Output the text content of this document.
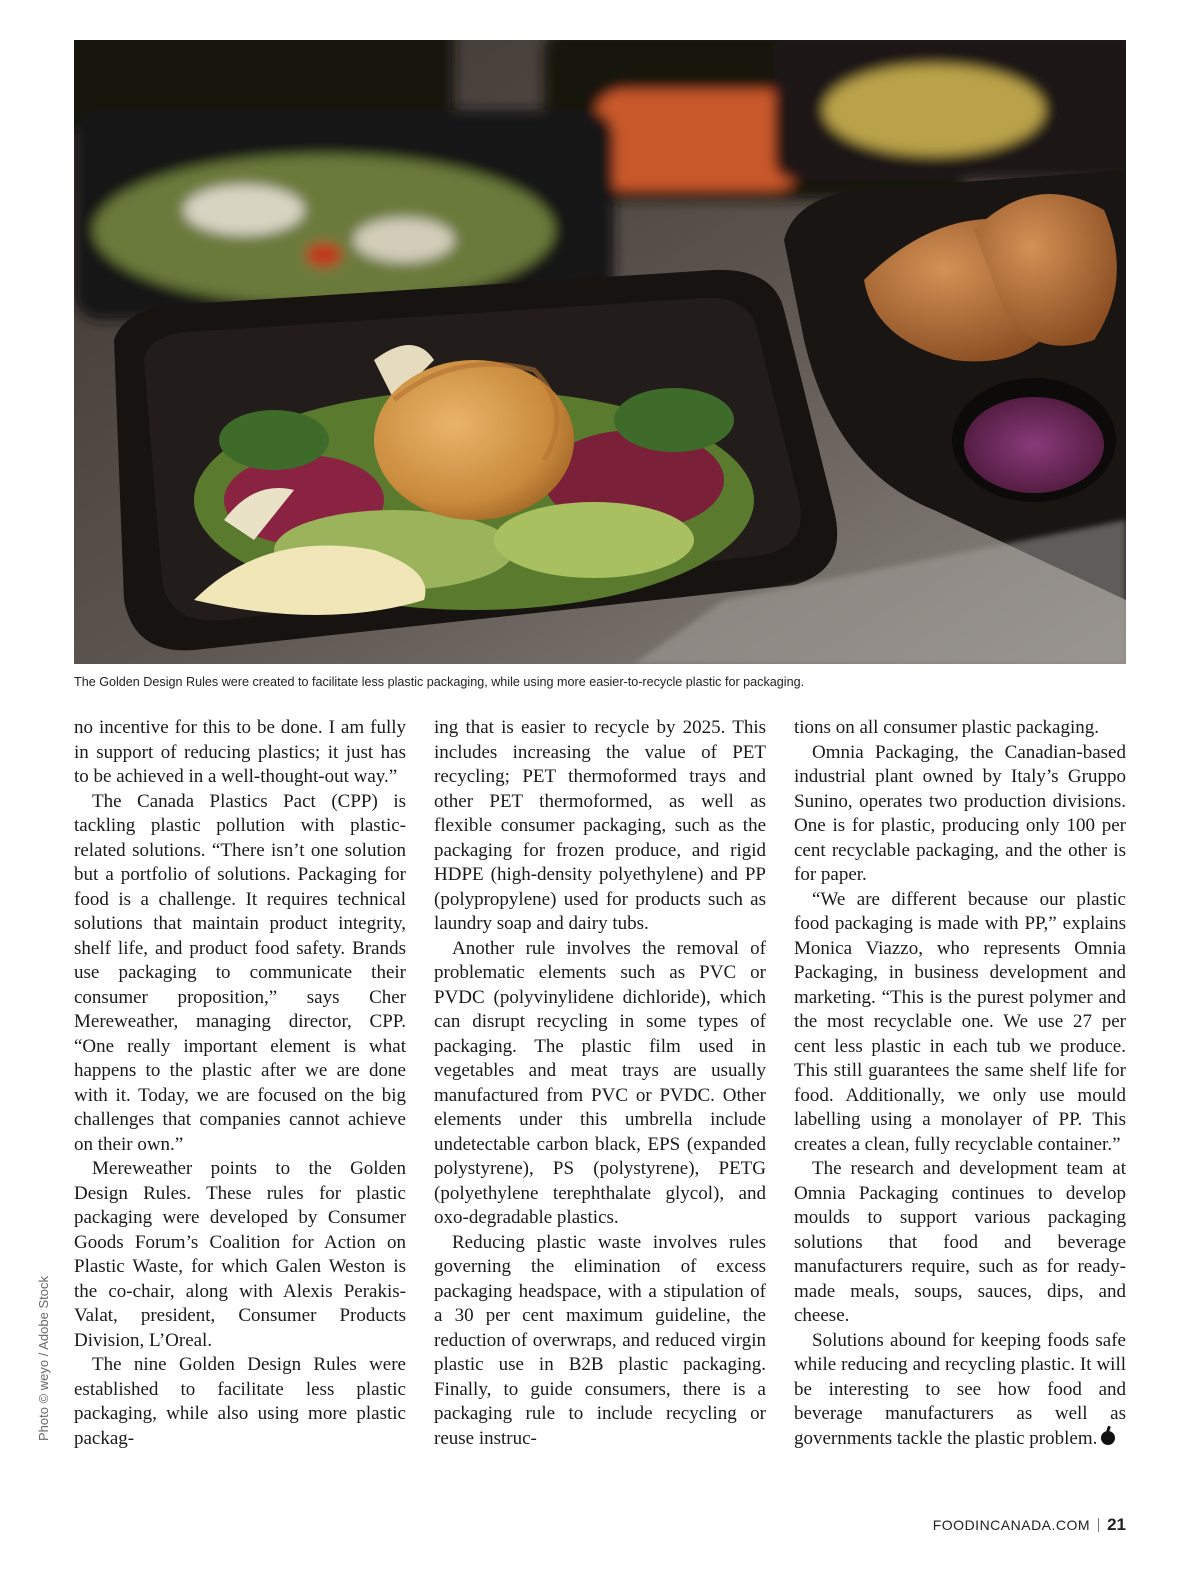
The Golden Design Rules were created to facilitate less plastic packaging, while using more easier-to-recycle plastic for packaging.
Photo © weyo / Adobe Stock

no incentive for this to be done. I am fully in support of reducing plastics; it just has to be achieved in a well-thought-out way.”

The Canada Plastics Pact (CPP) is tackling plastic pollution with plastic-related solutions. “There isn’t one solution but a portfolio of solutions. Packaging for food is a challenge. It requires technical solutions that maintain product integrity, shelf life, and product food safety. Brands use packaging to communicate their consumer proposition,” says Cher Mereweather, managing director, CPP. “One really important element is what happens to the plastic after we are done with it. Today, we are focused on the big challenges that companies cannot achieve on their own.”

Mereweather points to the Golden Design Rules. These rules for plastic packaging were developed by Consumer Goods Forum’s Coalition for Action on Plastic Waste, for which Galen Weston is the co-chair, along with Alexis Perakis-Valat, president, Consumer Products Division, L’Oreal.

The nine Golden Design Rules were established to facilitate less plastic packaging, while also using more plastic packag-

ing that is easier to recycle by 2025. This includes increasing the value of PET recycling; PET thermoformed trays and other PET thermoformed, as well as flexible consumer packaging, such as the packaging for frozen produce, and rigid HDPE (high-density polyethylene) and PP (polypropylene) used for products such as laundry soap and dairy tubs.

Another rule involves the removal of problematic elements such as PVC or PVDC (polyvinylidene dichloride), which can disrupt recycling in some types of packaging. The plastic film used in vegetables and meat trays are usually manufactured from PVC or PVDC. Other elements under this umbrella include undetectable carbon black, EPS (expanded polystyrene), PS (polystyrene), PETG (polyethylene terephthalate glycol), and oxo-degradable plastics.

Reducing plastic waste involves rules governing the elimination of excess packaging headspace, with a stipulation of a 30 per cent maximum guideline, the reduction of overwraps, and reduced virgin plastic use in B2B plastic packaging. Finally, to guide consumers, there is a packaging rule to include recycling or reuse instruc-

tions on all consumer plastic packaging.

Omnia Packaging, the Canadian-based industrial plant owned by Italy’s Gruppo Sunino, operates two production divisions. One is for plastic, producing only 100 per cent recyclable packaging, and the other is for paper.

“We are different because our plastic food packaging is made with PP,” explains Monica Viazzo, who represents Omnia Packaging, in business development and marketing. “This is the purest polymer and the most recyclable one. We use 27 per cent less plastic in each tub we produce. This still guarantees the same shelf life for food. Additionally, we only use mould labelling using a monolayer of PP. This creates a clean, fully recyclable container.”

The research and development team at Omnia Packaging continues to develop moulds to support various packaging solutions that food and beverage manufacturers require, such as for ready-made meals, soups, sauces, dips, and cheese.

Solutions abound for keeping foods safe while reducing and recycling plastic. It will be interesting to see how food and beverage manufacturers as well as governments tackle the plastic problem.

FOODINCANADA.COM 21
